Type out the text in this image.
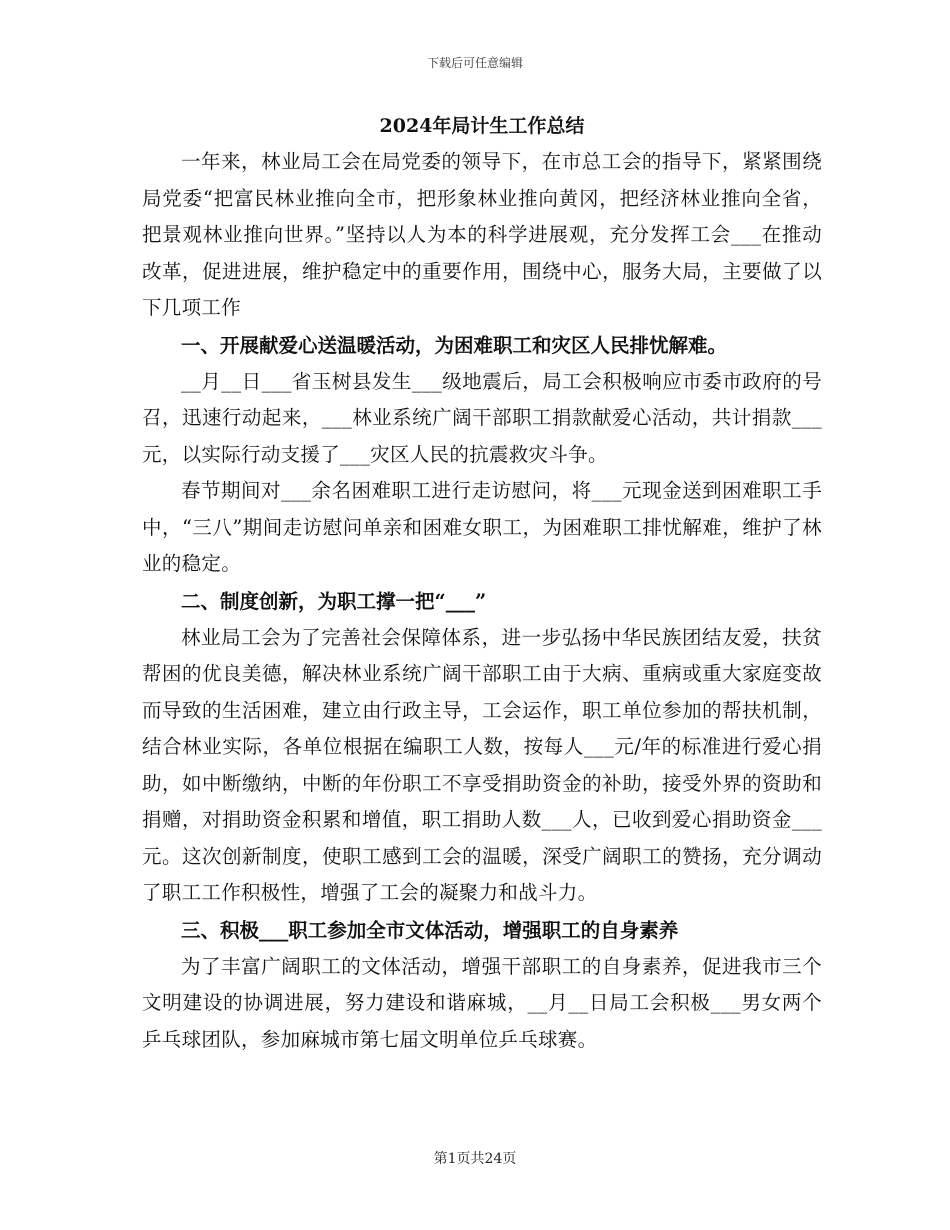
下载后可任意编辑
2024年局计生工作总结

一年来，林业局工会在局党委的领导下，在市总工会的指导下，紧紧围绕局党委“把富民林业推向全市，把形象林业推向黄冈，把经济林业推向全省，把景观林业推向世界。”坚持以人为本的科学进展观，充分发挥工会___在推动改革，促进进展，维护稳定中的重要作用，围绕中心，服务大局，主要做了以下几项工作

一、开展献爱心送温暖活动，为困难职工和灾区人民排忧解难。

__月__日___省玉树县发生___级地震后，局工会积极响应市委市政府的号召，迅速行动起来，___林业系统广阔干部职工捐款献爱心活动，共计捐款___元，以实际行动支援了___灾区人民的抗震救灾斗争。

春节期间对___余名困难职工进行走访慰问，将___元现金送到困难职工手中，“三八”期间走访慰问单亲和困难女职工，为困难职工排忧解难，维护了林业的稳定。

二、制度创新，为职工撑一把“___”

林业局工会为了完善社会保障体系，进一步弘扬中华民族团结友爱，扶贫帮困的优良美德，解决林业系统广阔干部职工由于大病、重病或重大家庭变故而导致的生活困难，建立由行政主导，工会运作，职工单位参加的帮扶机制，结合林业实际，各单位根据在编职工人数，按每人___元/年的标准进行爱心捐助，如中断缴纳，中断的年份职工不享受捐助资金的补助，接受外界的资助和捐赠，对捐助资金积累和增值，职工捐助人数___人，已收到爱心捐助资金___元。这次创新制度，使职工感到工会的温暖，深受广阔职工的赞扬，充分调动了职工工作积极性，增强了工会的凝聚力和战斗力。

三、积极___职工参加全市文体活动，增强职工的自身素养

为了丰富广阔职工的文体活动，增强干部职工的自身素养，促进我市三个文明建设的协调进展，努力建设和谐麻城，__月__日局工会积极___男女两个乒乓球团队，参加麻城市第七届文明单位乒乓球赛。

第1页共24页
